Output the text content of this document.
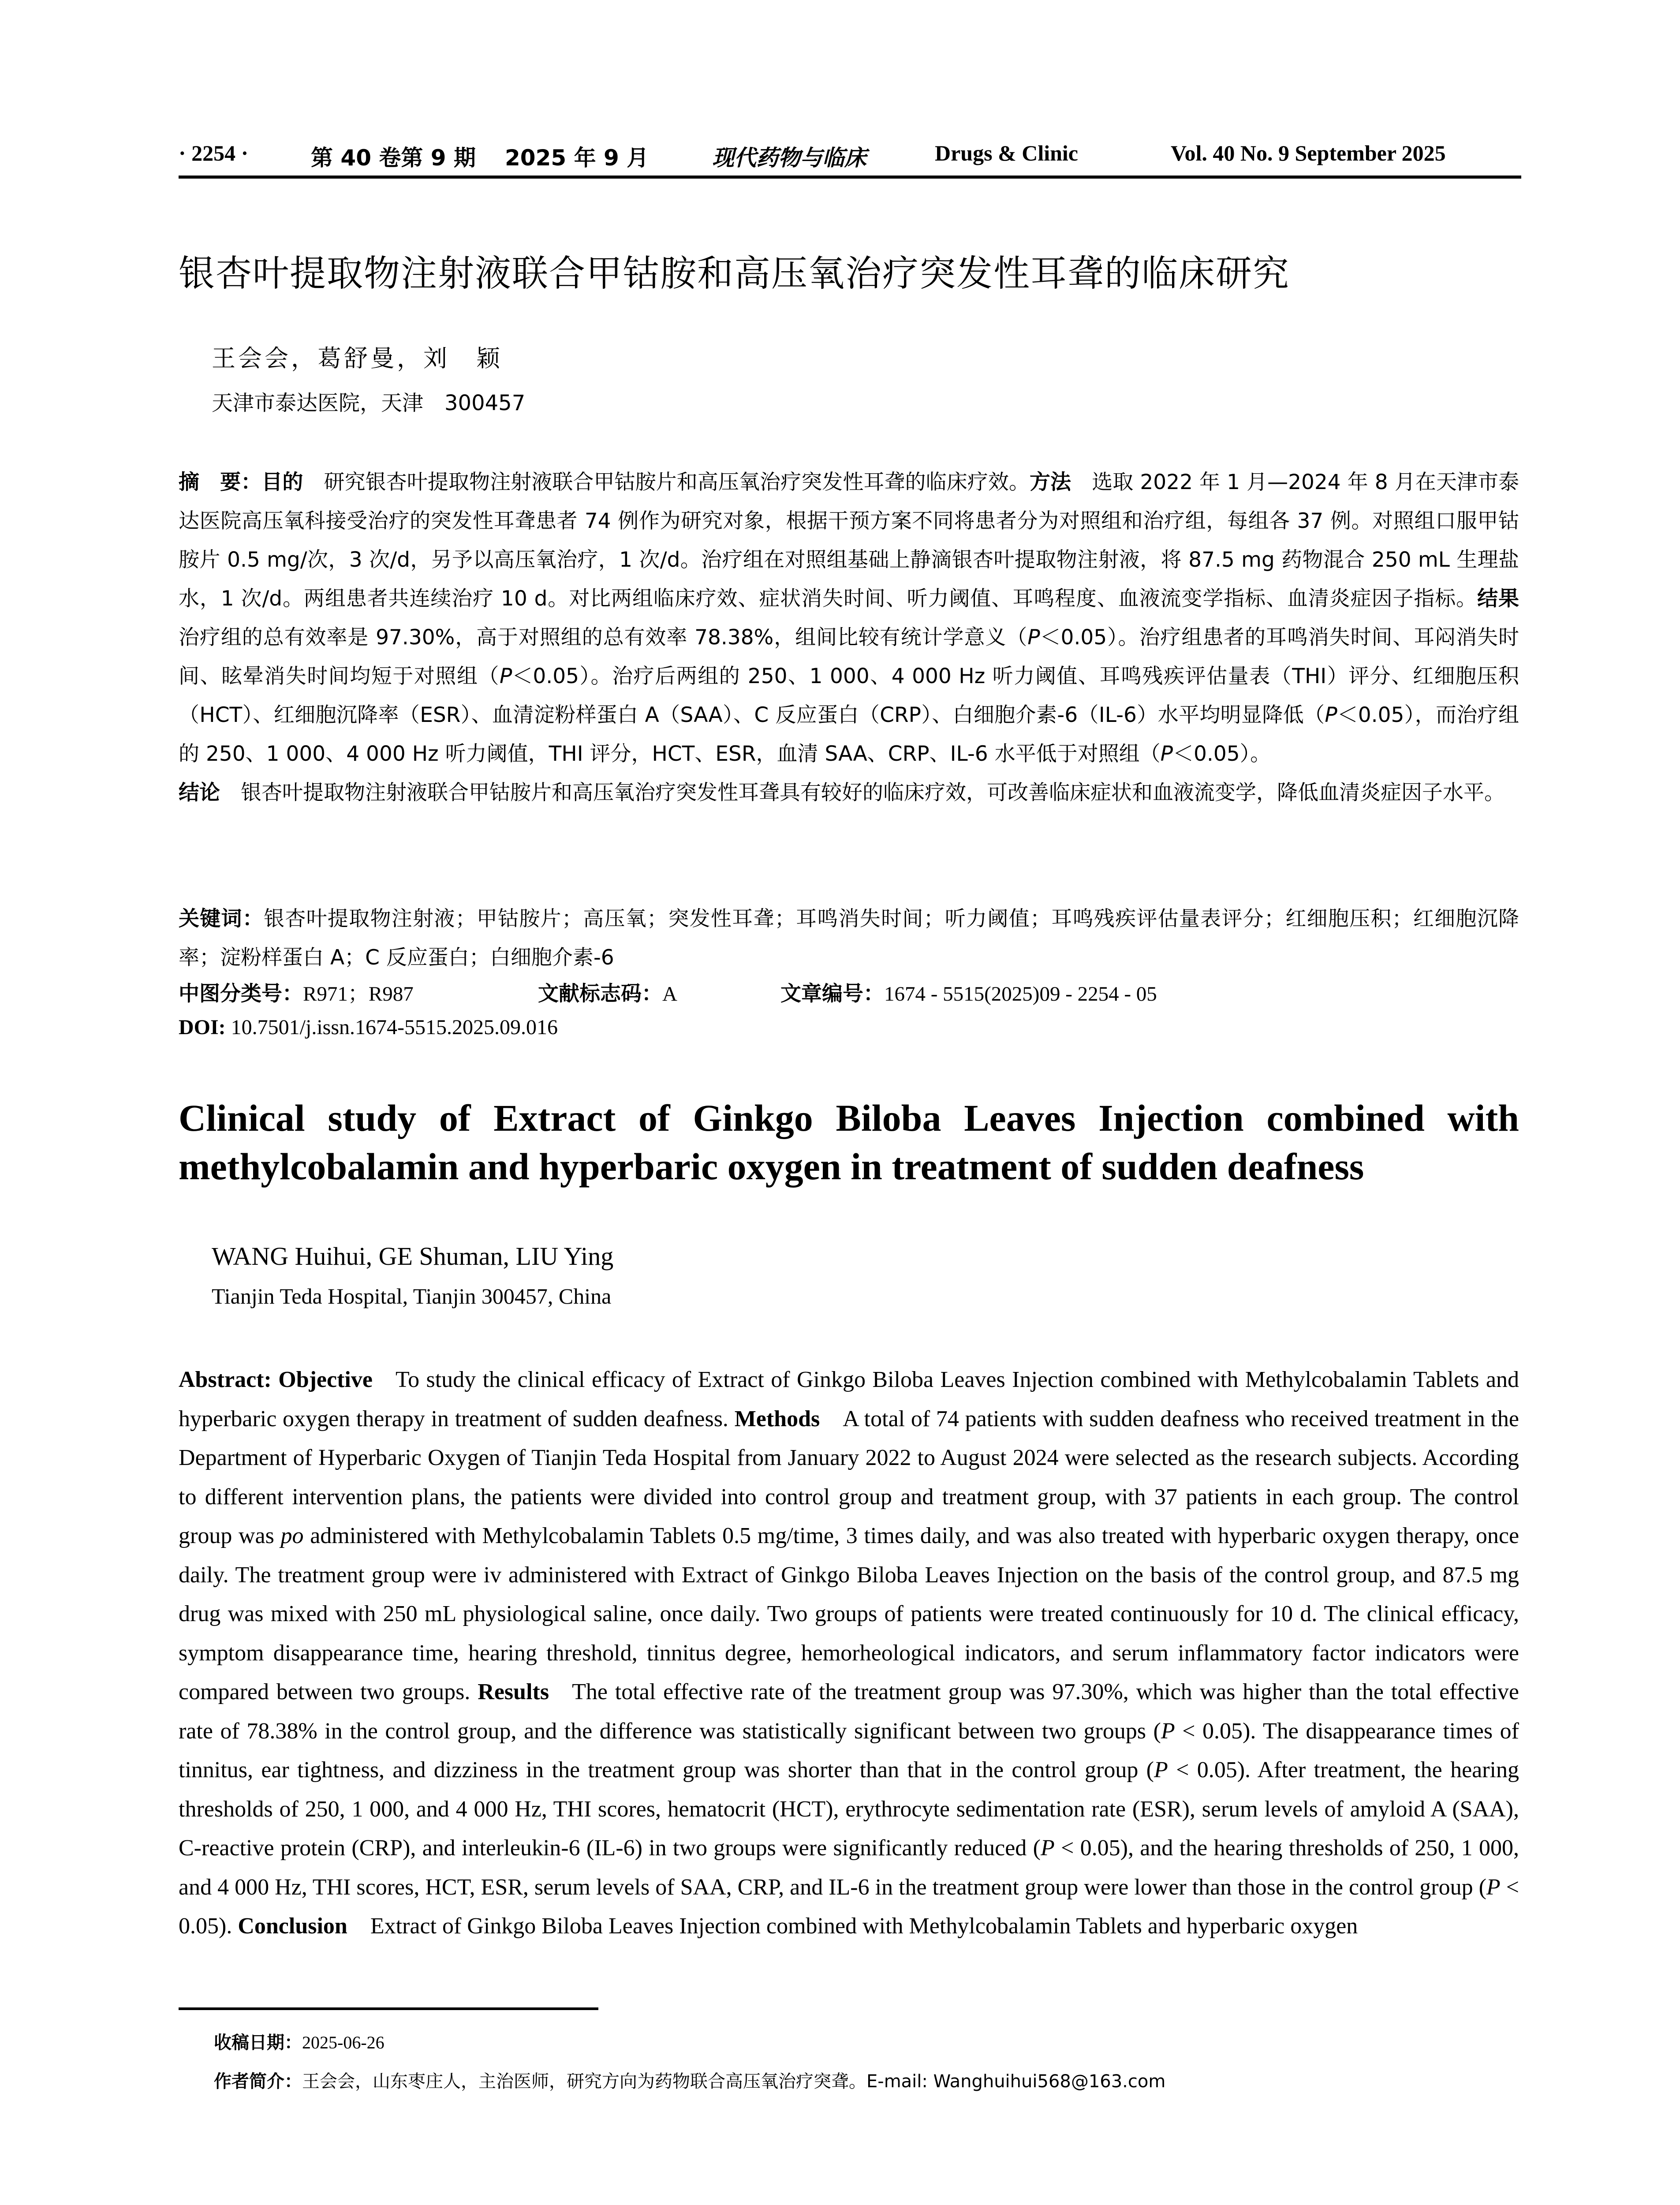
· 2254 ·	第 40 卷第 9 期 2025 年 9 月	现代药物与临床	Drugs & Clinic	Vol. 40 No. 9 September 2025
银杏叶提取物注射液联合甲钴胺和高压氧治疗突发性耳聋的临床研究
王会会，葛舒曼，刘　颖
天津市泰达医院，天津　300457
摘　要：目的　 研究银杏叶提取物注射液联合甲钴胺片和高压氧治疗突发性耳聋的临床疗效。方法　 选取 2022 年 1 月—2024 年 8 月在天津市泰达医院高压氧科接受治疗的突发性耳聋患者 74 例作为研究对象，根据干预方案不同将患者分为对照组和治疗组，每组各 37 例。对照组口服甲钴胺片 0.5 mg/次，3 次/d，另予以高压氧治疗，1 次/d。治疗组在对照组基础上静滴银杏叶提取物注射液，将 87.5 mg 药物混合 250 mL 生理盐水，1 次/d。两组患者共连续治疗 10 d。对比两组临床疗效、症状消失时间、听力阈值、耳鸣程度、血液流变学指标、血清炎症因子指标。结果　治疗组的总有效率是 97.30%，高于对照组的总有效率 78.38%，组间比较有统计学意义（P＜0.05）。治疗组患者的耳鸣消失时间、耳闷消失时间、眩晕消失时间均短于对照组（P＜0.05）。治疗后两组的 250、1 000、4 000 Hz 听力阈值、耳鸣残疾评估量表（THI）评分、红细胞压积（HCT）、红细胞沉降率（ESR）、血清淀粉样蛋白 A（SAA）、C 反应蛋白（CRP）、白细胞介素-6（IL-6）水平均明显降低（P＜0.05），而治疗组的 250、1 000、4 000 Hz 听力阈值，THI 评分，HCT、ESR，血清 SAA、CRP、IL-6 水平低于对照组（P＜0.05）。
结论　 银杏叶提取物注射液联合甲钴胺片和高压氧治疗突发性耳聋具有较好的临床疗效，可改善临床症状和血液流变学，降低血清炎症因子水平。
关键词：银杏叶提取物注射液；甲钴胺片；高压氧；突发性耳聋；耳鸣消失时间；听力阈值；耳鸣残疾评估量表评分；红细胞压积；红细胞沉降率；淀粉样蛋白 A；C 反应蛋白；白细胞介素-6
中图分类号：R971；R987	文献标志码：A	文章编号：1674 - 5515(2025)09 - 2254 - 05
DOI: 10.7501/j.issn.1674-5515.2025.09.016
Clinical study of Extract of Ginkgo Biloba Leaves Injection combined with methylcobalamin and hyperbaric oxygen in treatment of sudden deafness
WANG Huihui, GE Shuman, LIU Ying
Tianjin Teda Hospital, Tianjin 300457, China
Abstract: Objective   To study the clinical efficacy of Extract of Ginkgo Biloba Leaves Injection combined with Methylcobalamin Tablets and hyperbaric oxygen therapy in treatment of sudden deafness. Methods   A total of 74 patients with sudden deafness who received treatment in the Department of Hyperbaric Oxygen of Tianjin Teda Hospital from January 2022 to August 2024 were selected as the research subjects. According to different intervention plans, the patients were divided into control group and treatment group, with 37 patients in each group. The control group was po administered with Methylcobalamin Tablets 0.5 mg/time, 3 times daily, and was also treated with hyperbaric oxygen therapy, once daily. The treatment group were iv administered with Extract of Ginkgo Biloba Leaves Injection on the basis of the control group, and 87.5 mg drug was mixed with 250 mL physiological saline, once daily. Two groups of patients were treated continuously for 10 d. The clinical efficacy, symptom disappearance time, hearing threshold, tinnitus degree, hemorheological indicators, and serum inflammatory factor indicators were compared between two groups. Results   The total effective rate of the treatment group was 97.30%, which was higher than the total effective rate of 78.38% in the control group, and the difference was statistically significant between two groups (P < 0.05). The disappearance times of tinnitus, ear tightness, and dizziness in the treatment group was shorter than that in the control group (P < 0.05). After treatment, the hearing thresholds of 250, 1 000, and 4 000 Hz, THI scores, hematocrit (HCT), erythrocyte sedimentation rate (ESR), serum levels of amyloid A (SAA), C-reactive protein (CRP), and interleukin-6 (IL-6) in two groups were significantly reduced (P < 0.05), and the hearing thresholds of 250, 1 000, and 4 000 Hz, THI scores, HCT, ESR, serum levels of SAA, CRP, and IL-6 in the treatment group were lower than those in the control group (P < 0.05). Conclusion   Extract of Ginkgo Biloba Leaves Injection combined with Methylcobalamin Tablets and hyperbaric oxygen
收稿日期：2025-06-26
作者简介：王会会，山东枣庄人，主治医师，研究方向为药物联合高压氧治疗突聋。E-mail: Wanghuihui568@163.com
